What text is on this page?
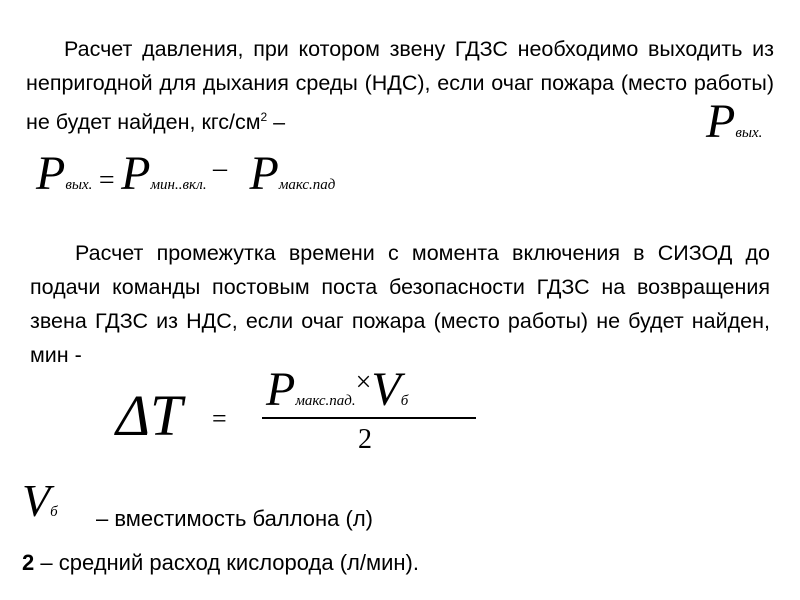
Расчет давления, при котором звену ГДЗС необходимо выходить из непригодной для дыхания среды (НДС), если очаг пожара (место работы) не будет найден, кгс/$см^2$ –	Pвых.
Pвых. = Pмин..вкл. – Pмакс.пад
Расчет промежутка времени с момента включения в СИЗОД до подачи команды постовым поста безопасности ГДЗС на возвращения звена ГДЗС из НДС, если очаг пожара (место работы) не будет найден, мин -
ΔT =
Pмакс.пад.×Vб
2
Vб – вместимость баллона (л)
2 – средний расход кислорода (л/мин).
